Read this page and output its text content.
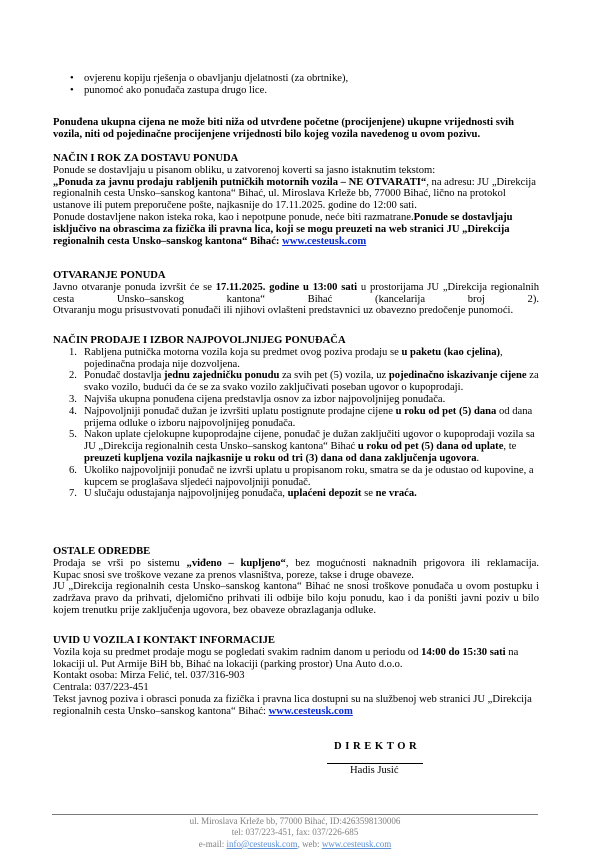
• ovjerenu kopiju rješenja o obavljanju djelatnosti (za obrtnike),
• punomoć ako ponuđača zastupa drugo lice.

Ponuđena ukupna cijena ne može biti niža od utvrđene početne (procijenjene) ukupne vrijednosti svih vozila, niti od pojedinačne procijenjene vrijednosti bilo kojeg vozila navedenog u ovom pozivu.

NAČIN I ROK ZA DOSTAVU PONUDA

Ponude se dostavljaju u pisanom obliku, u zatvorenoj koverti sa jasno istaknutim tekstom:

„Ponuda za javnu prodaju rabljenih putničkih motornih vozila – NE OTVARATI“, na adresu: JU „Direkcija regionalnih cesta Unsko–sanskog kantona“ Bihać, ul. Miroslava Krleže bb, 77000 Bihać, lično na protokol ustanove ili putem preporučene pošte, najkasnije do 17.11.2025. godine do 12:00 sati.

Ponude dostavljene nakon isteka roka, kao i nepotpune ponude, neće biti razmatrane.Ponude se dostavljaju isključivo na obrascima za fizička ili pravna lica, koji se mogu preuzeti na web stranici JU „Direkcija regionalnih cesta Unsko–sanskog kantona“ Bihać: www.cesteusk.com

OTVARANJE PONUDA

Javno otvaranje ponuda izvršit će se 17.11.2025. godine u 13:00 sati u prostorijama JU „Direkcija regionalnih cesta Unsko–sanskog kantona“ Bihać (kancelarija broj 2).

Otvaranju mogu prisustvovati ponuđači ili njihovi ovlašteni predstavnici uz obavezno predočenje punomoći.

NAČIN PRODAJE I IZBOR NAJPOVOLJNIJEG PONUĐAČA

1. Rabljena putnička motorna vozila koja su predmet ovog poziva prodaju se u paketu (kao cjelina), pojedinačna prodaja nije dozvoljena.
2. Ponuđač dostavlja jednu zajedničku ponudu za svih pet (5) vozila, uz pojedinačno iskazivanje cijene za svako vozilo, budući da će se za svako vozilo zaključivati poseban ugovor o kupoprodaji.
3. Najviša ukupna ponuđena cijena predstavlja osnov za izbor najpovoljnijeg ponuđača.
4. Najpovoljniji ponuđač dužan je izvršiti uplatu postignute prodajne cijene u roku od pet (5) dana od dana prijema odluke o izboru najpovoljnijeg ponuđača.
5. Nakon uplate cjelokupne kupoprodajne cijene, ponuđač je dužan zaključiti ugovor o kupoprodaji vozila sa JU „Direkcija regionalnih cesta Unsko–sanskog kantona“ Bihać u roku od pet (5) dana od uplate, te preuzeti kupljena vozila najkasnije u roku od tri (3) dana od dana zaključenja ugovora.
6. Ukoliko najpovoljniji ponuđač ne izvrši uplatu u propisanom roku, smatra se da je odustao od kupovine, a kupcem se proglašava sljedeći najpovoljniji ponuđač.
7. U slučaju odustajanja najpovoljnijeg ponuđača, uplaćeni depozit se ne vraća.

OSTALE ODREDBE

Prodaja se vrši po sistemu „viđeno – kupljeno“, bez mogućnosti naknadnih prigovora ili reklamacija.

Kupac snosi sve troškove vezane za prenos vlasništva, poreze, takse i druge obaveze.

JU „Direkcija regionalnih cesta Unsko–sanskog kantona“ Bihać ne snosi troškove ponuđača u ovom postupku i zadržava pravo da prihvati, djelomično prihvati ili odbije bilo koju ponudu, kao i da poništi javni poziv u bilo kojem trenutku prije zaključenja ugovora, bez obaveze obrazlaganja odluke.

UVID U VOZILA I KONTAKT INFORMACIJE

Vozila koja su predmet prodaje mogu se pogledati svakim radnim danom u periodu od 14:00 do 15:30 sati na lokaciji ul. Put Armije BiH bb, Bihać na lokaciji (parking prostor) Una Auto d.o.o.

Kontakt osoba: Mirza Felić, tel. 037/316-903

Centrala: 037/223-451

Tekst javnog poziva i obrasci ponuda za fizička i pravna lica dostupni su na službenoj web stranici JU „Direkcija regionalnih cesta Unsko–sanskog kantona“ Bihać: www.cesteusk.com

DIREKTOR
Hadis Jusić
ul. Miroslava Krleže bb, 77000 Bihać, ID:4263598130006
tel: 037/223-451, fax: 037/226-685
e-mail: info@cesteusk.com, web: www.cesteusk.com
